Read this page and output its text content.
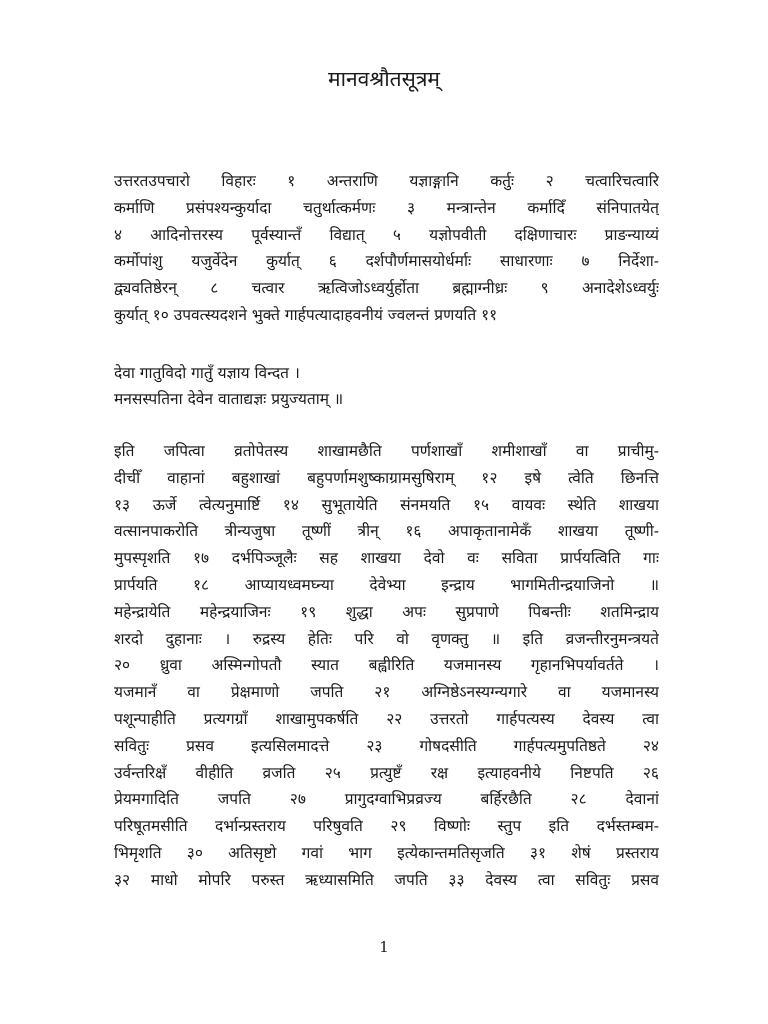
मानवश्रौतसूत्रम्
उत्तरतउपचारो विहारः १ अन्तराणि यज्ञाङ्गानि कर्तुः २ चत्वारिचत्वारि
कर्माणि प्रसंपश्यन्कुर्यादा चतुर्थात्कर्मणः ३ मन्त्रान्तेन कर्मादिँ संनिपातयेत्
४ आदिनोत्तरस्य पूर्वस्यान्तँ विद्यात् ५ यज्ञोपवीती दक्षिणाचारः प्राङन्याय्यं
कर्मोपांशु यजुर्वेदेन कुर्यात् ६ दर्शपौर्णमासयोर्धर्माः साधारणाः ७ निर्देशा-
द्व्यवतिष्ठेरन् ८ चत्वार ऋत्विजोऽध्वर्युर्होता ब्रह्माग्नीध्रः ९ अनादेशेऽध्वर्युः
कुर्यात् १० उपवत्स्यदशने भुक्ते गार्हपत्यादाहवनीयं ज्वलन्तं प्रणयति ११
देवा गातुविदो गातुँ यज्ञाय विन्दत ।
मनसस्पतिना देवेन वाताद्यज्ञः प्रयुज्यताम् ॥
इति जपित्वा व्रतोपेतस्य शाखामछैति पर्णशाखाँ शमीशाखाँ वा प्राचीमु-
दीचीँ वाहानां बहुशाखां बहुपर्णामशुष्काग्रामसुषिराम् १२ इषे त्वेति छिनत्ति
१३ ऊर्जे त्वेत्यनुमार्ष्टि १४ सुभूतायेति संनमयति १५ वायवः स्थेति शाखया
वत्सानपाकरोति त्रीन्यजुषा तूष्णीं त्रीन् १६ अपाकृतानामेकँ शाखया तूष्णी-
मुपस्पृशति १७ दर्भपिञ्जूलैः सह शाखया देवो वः सविता प्रार्पयत्विति गाः
प्रार्पयति १८ आप्यायध्वमघ्न्या देवेभ्या इन्द्राय भागमितीन्द्रयाजिनो ॥
महेन्द्रायेति महेन्द्रयाजिनः १९ शुद्धा अपः सुप्रपाणे पिबन्तीः शतमिन्द्राय
शरदो दुहानाः । रुद्रस्य हेतिः परि वो वृणक्तु ॥ इति व्रजन्तीरनुमन्त्रयते
२० ध्रुवा अस्मिन्गोपतौ स्यात बह्वीरिति यजमानस्य गृहानभिपर्यावर्तते ।
यजमानँ वा प्रेक्षमाणो जपति २१ अग्निष्ठेऽनस्यग्न्यगारे वा यजमानस्य
पशून्पाहीति प्रत्यगग्राँ शाखामुपकर्षति २२ उत्तरतो गार्हपत्यस्य देवस्य त्वा
सवितुः प्रसव इत्यसिलमादत्ते २३ गोषदसीति गार्हपत्यमुपतिष्ठते २४
उर्वन्तरिक्षँ वीहीति व्रजति २५ प्रत्युष्टँ रक्ष इत्याहवनीये निष्टपति २६
प्रेयमगादिति जपति २७ प्रागुदग्वाभिप्रव्रज्य बर्हिरछैति २८ देवानां
परिषूतमसीति दर्भान्प्रस्तराय परिषुवति २९ विष्णोः स्तुप इति दर्भस्तम्बम-
भिमृशति ३० अतिसृष्टो गवां भाग इत्येकान्तमतिसृजति ३१ शेषं प्रस्तराय
३२ माधो मोपरि परुस्त ऋध्यासमिति जपति ३३ देवस्य त्वा सवितुः प्रसव
1
